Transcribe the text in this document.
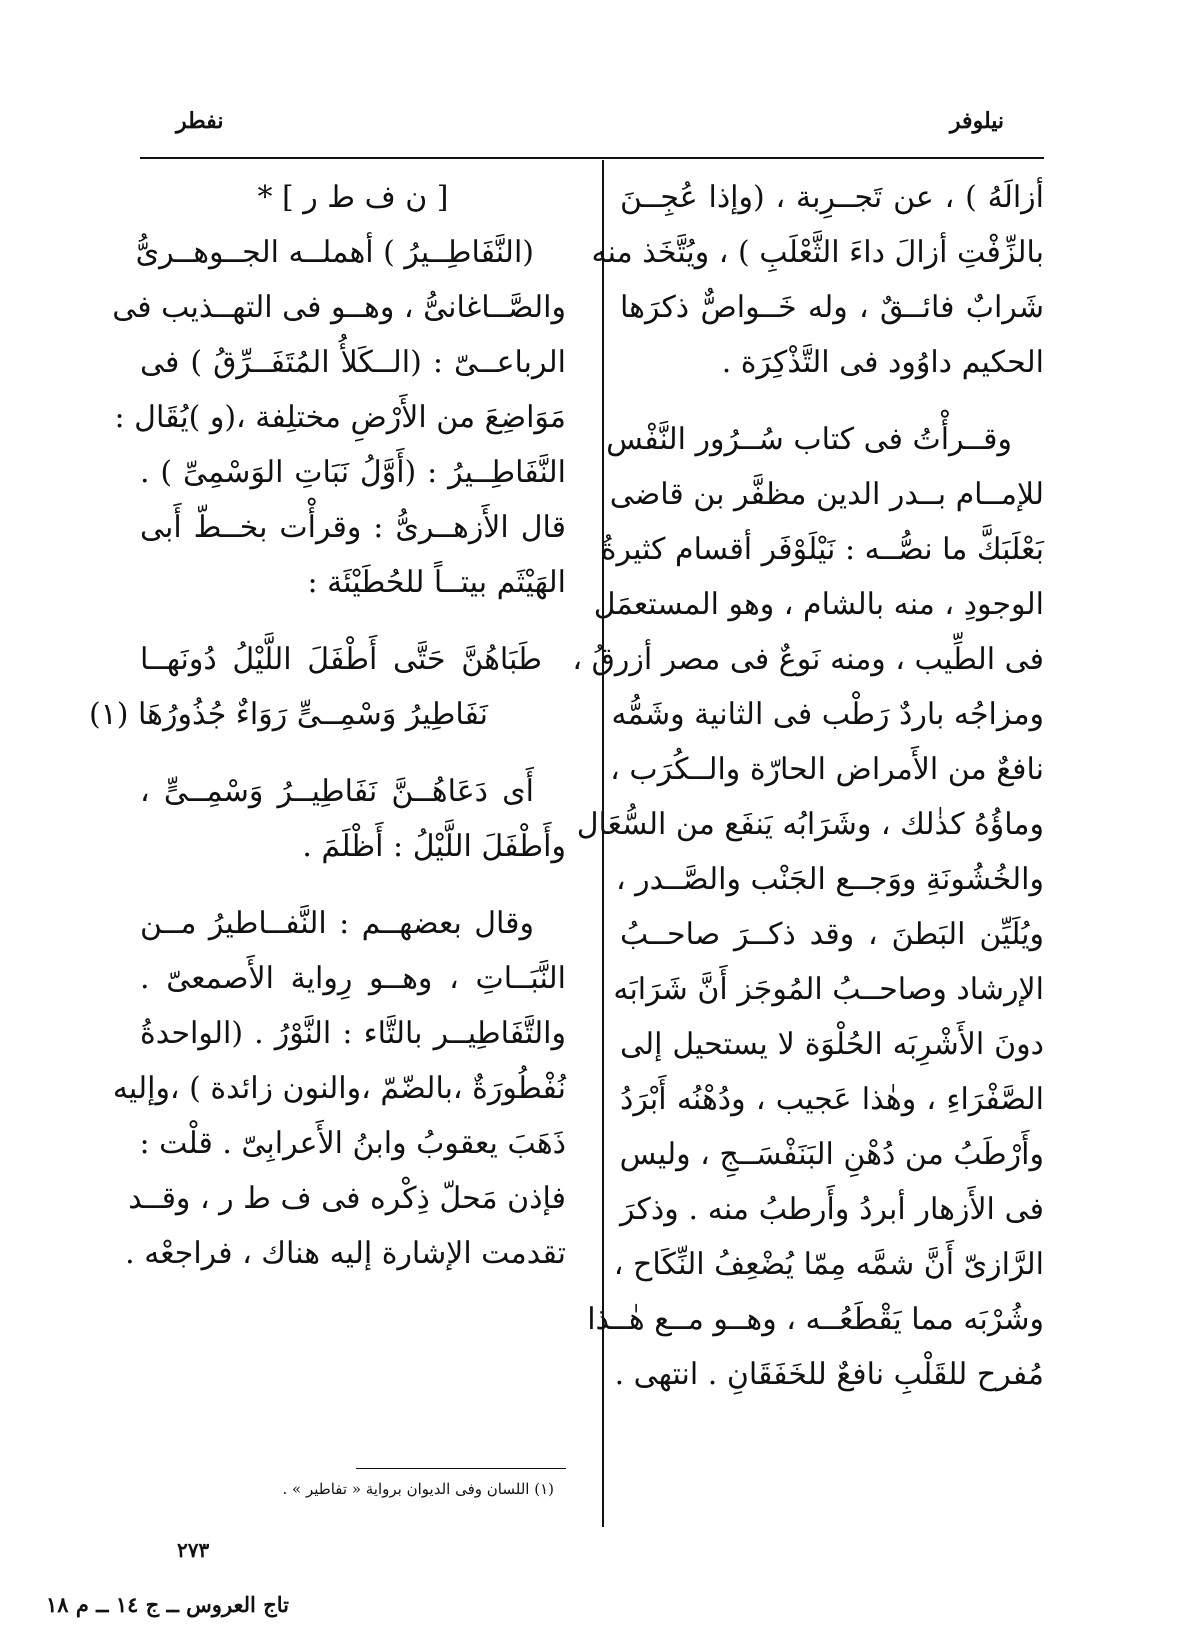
نيلوفر
نفطر
أزالَهُ ) ، عن تَجــرِبة ، (وإذا عُجِــنَ
بالزِّفْتِ أزالَ داءَ الثَّعْلَبِ ) ، ويُتَّخَذ منه
شَرابٌ فائــقٌ ، وله خَــواصٌّ ذكرَها
الحكيم داوُود فى التَّذْكِرَة .
وقــرأْتُ فى كتاب سُــرُور النَّفْس
للإمــام بــدر الدين مظفَّر بن قاضى
بَعْلَبَكَّ ما نصُّــه : نَيْلَوْفَر أقسام كثيرةُ
الوجودِ ، منه بالشام ، وهو المستعمَل
فى الطِّيب ، ومنه نَوعٌ فى مصر أزرقُ ،
ومزاجُه باردٌ رَطْب فى الثانية وشَمُّه
نافعٌ من الأَمراض الحارّة والــكُرَب ،
وماؤُهُ كذٰلك ، وشَرَابُه يَنفَع من السُّعَال
والخُشُونَةِ ووَجــع الجَنْب والصَّــدر ،
ويُلَيِّن البَطنَ ، وقد ذكــرَ صاحــبُ
الإرشاد وصاحــبُ المُوجَز أَنَّ شَرَابَه
دونَ الأَشْرِبَه الحُلْوَة لا يستحيل إلى
الصَّفْرَاءِ ، وهٰذا عَجيب ، ودُهْنُه أَبْرَدُ
وأَرْطَبُ من دُهْنِ البَنَفْسَــجِ ، وليس
فى الأَزهار أبردُ وأَرطبُ منه . وذكرَ
الرَّازىّ أَنَّ شمَّه مِمّا يُضْعِفُ النِّكَاح ،
وشُرْبَه مما يَقْطَعُــه ، وهــو مــع هٰــذا
مُفرح للقَلْبِ نافعٌ للخَفَقَانِ . انتهى .
[ ن ف ط ر ] *
(النَّفَاطِــيرُ ) أهملــه الجــوهــرىُّ
والصَّــاغانىُّ ، وهــو فى التهــذيب فى
الرباعــىّ : (الــكَلأُ المُتَفَــرِّقُ ) فى
مَوَاضِعَ من الأَرْضِ مختلِفة ،(و )يُقَال :
النَّفَاطِــيرُ : (أَوَّلُ نَبَاتِ الوَسْمِىِّ ) .
قال الأَزهــرىُّ : وقرأْت بخــطّ أَبى
الهَيْثَم بيتــاً للحُطَيْئَة :
طَبَاهُنَّ حَتَّى أَطْفَلَ اللَّيْلُ دُونَهــا
نَفَاطِيرُ وَسْمِــىٍّ رَوَاءٌ جُذُورُهَا (١)
أَى دَعَاهُــنَّ نَفَاطِيــرُ وَسْمِــىٍّ ،
وأَطْفَلَ اللَّيْلُ : أَظْلَمَ .
وقال بعضهــم : النَّفــاطيرُ مــن
النَّبَــاتِ ، وهــو رِواية الأَصمعىّ .
والتَّفَاطِيــر بالتَّاء : النَّوْرُ . (الواحدةُ
نُفْطُورَةٌ ،بالضّمّ ،والنون زائدة ) ،وإليه
ذَهَبَ يعقوبُ وابنُ الأَعرابِىّ . قلْت :
فإذن مَحلّ ذِكْره فى ف ط ر ، وقــد
تقدمت الإشارة إليه هناك ، فراجعْه .
(١) اللسان وفى الديوان برواية « تفاطير » .
٢٧٣
تاج العروس ــ ج ١٤ ــ م ١٨
